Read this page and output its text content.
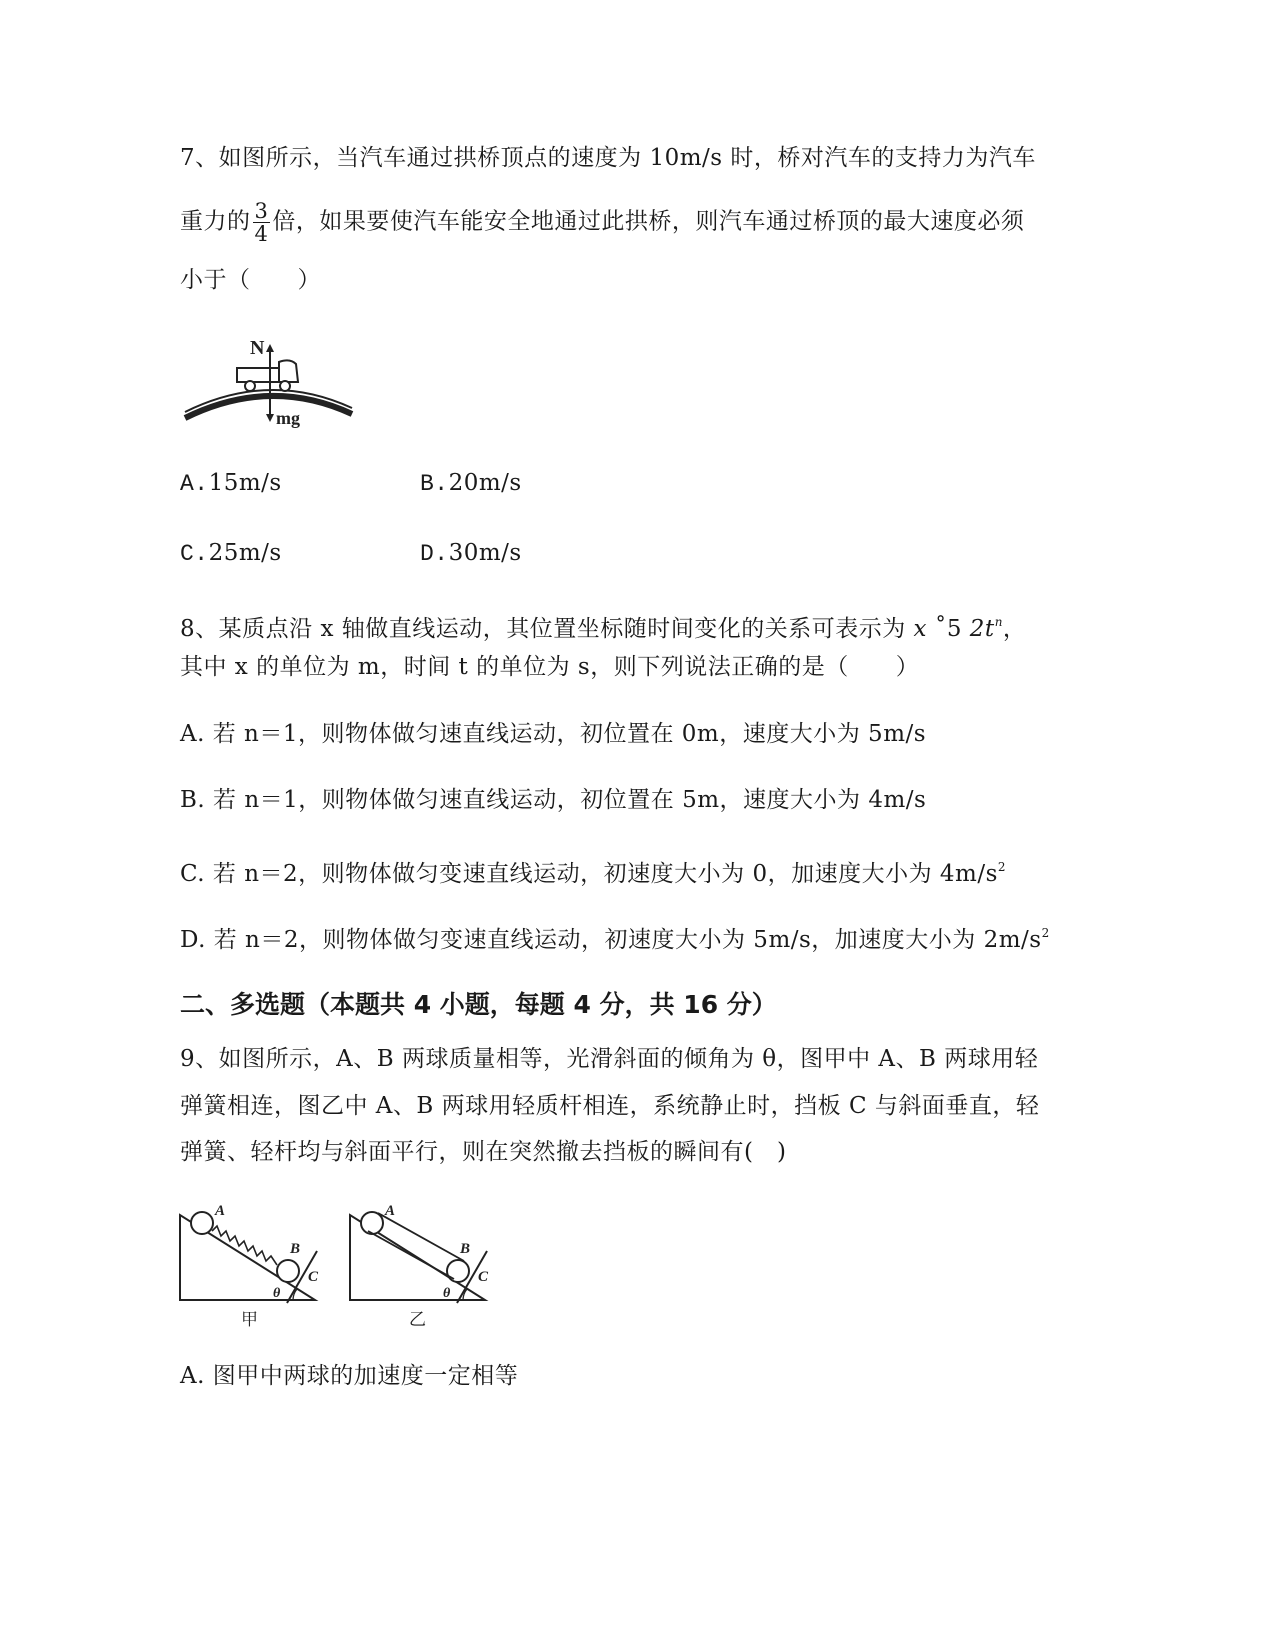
7、如图所示，当汽车通过拱桥顶点的速度为 10m/s 时，桥对汽车的支持力为汽车
重力的 $\frac{3}{4}$ 倍，如果要使汽车能安全地通过此拱桥，则汽车通过桥顶的最大速度必须
小于（　　）
N
mg
A.15m/s	B.20m/s
C.25m/s	D.30m/s
8、某质点沿 x 轴做直线运动，其位置坐标随时间变化的关系可表示为 x ˚5 $2t^n$，
其中 x 的单位为 m，时间 t 的单位为 s，则下列说法正确的是（　　）
A. 若 n＝1，则物体做匀速直线运动，初位置在 0m，速度大小为 5m/s
B. 若 n＝1，则物体做匀速直线运动，初位置在 5m，速度大小为 4m/s
C. 若 n＝2，则物体做匀变速直线运动，初速度大小为 0，加速度大小为 $4m/s^2$
D. 若 n＝2，则物体做匀变速直线运动，初速度大小为 5m/s，加速度大小为 $2m/s^2$
二、多选题（本题共 4 小题，每题 4 分，共 16 分）
9、如图所示，A、B 两球质量相等，光滑斜面的倾角为 θ，图甲中 A、B 两球用轻
弹簧相连，图乙中 A、B 两球用轻质杆相连，系统静止时，挡板 C 与斜面垂直，轻
弹簧、轻杆均与斜面平行，则在突然撤去挡板的瞬间有(　)
A
B
C
θ
甲
A
B
C
θ
乙
A. 图甲中两球的加速度一定相等
